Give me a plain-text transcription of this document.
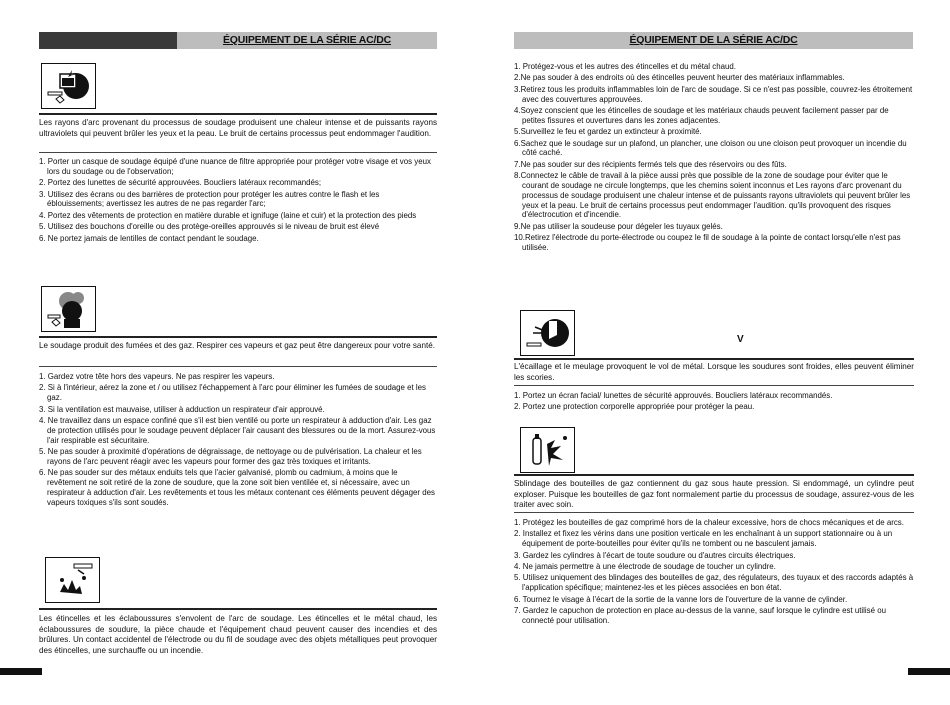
ÉQUIPEMENT DE LA SÉRIE AC/DC
Les rayons d'arc provenant du processus de soudage produisent une chaleur intense et de puissants rayons ultraviolets qui peuvent brûler les yeux et la peau. Le bruit de certains processus peut endommager l'audition.
1. Porter un casque de soudage équipé d'une nuance de filtre appropriée pour protéger votre visage et vos yeux lors du soudage ou de l'observation;
2. Portez des lunettes de sécurité approuvées. Boucliers latéraux recommandés;
3. Utilisez des écrans ou des barrières de protection pour protéger les autres contre le flash et les éblouissements; avertissez les autres de ne pas regarder l'arc;
4. Portez des vêtements de protection en matière durable et ignifuge (laine et cuir) et la protection des pieds
5. Utilisez des bouchons d'oreille ou des protège-oreilles approuvés si le niveau de bruit est élevé
6. Ne portez jamais de lentilles de contact pendant le soudage.
Le soudage produit des fumées et des gaz. Respirer ces vapeurs et gaz peut être dangereux pour votre santé.
1. Gardez votre tête hors des vapeurs. Ne pas respirer les vapeurs.
2. Si à l'intérieur, aérez la zone et / ou utilisez l'échappement à l'arc pour éliminer les fumées de soudage et les gaz.
3. Si la ventilation est mauvaise, utiliser à adduction un respirateur d'air approuvé.
4. Ne travaillez dans un espace confiné que s'il est bien ventilé ou porte un respirateur à adduction d'air. Les gaz de protection utilisés pour le soudage peuvent déplacer l'air causant des blessures ou de la mort. Assurez-vous l'air respirable est sécuritaire.
5. Ne pas souder à proximité d'opérations de dégraissage, de nettoyage ou de pulvérisation. La chaleur et les rayons de l'arc peuvent réagir avec les vapeurs pour former des gaz très toxiques et irritants.
6. Ne pas souder sur des métaux enduits tels que l'acier galvanisé, plomb ou cadmium, à moins que le revêtement ne soit retiré de la zone de soudure, que la zone soit bien ventilée et, si nécessaire, avec un respirateur à adduction d'air. Les revêtements et tous les métaux contenant ces éléments peuvent dégager des vapeurs toxiques s'ils sont soudés.
Les étincelles et les éclaboussures s'envolent de l'arc de soudage. Les étincelles et le métal chaud, les éclaboussures de soudure, la pièce chaude et l'équipement chaud peuvent causer des incendies et des brûlures. Un contact accidentel de l'électrode ou du fil de soudage avec des objets métalliques peut provoquer des étincelles, une surchauffe ou un incendie.
ÉQUIPEMENT DE LA SÉRIE AC/DC
1. Protégez-vous et les autres des étincelles et du métal chaud.
2.Ne pas souder à des endroits où des étincelles peuvent heurter des matériaux inflammables.
3.Retirez tous les produits inflammables loin de l'arc de soudage. Si ce n'est pas possible, couvrez-les étroitement avec des couvertures approuvées.
4.Soyez conscient que les étincelles de soudage et les matériaux chauds peuvent facilement passer par de petites fissures et ouvertures dans les zones adjacentes.
5.Surveillez le feu et gardez un extincteur à proximité.
6.Sachez que le soudage sur un plafond, un plancher, une cloison ou une cloison peut provoquer un incendie du côté caché.
7.Ne pas souder sur des récipients fermés tels que des réservoirs ou des fûts.
8.Connectez le câble de travail à la pièce aussi près que possible de la zone de soudage pour éviter que le courant de soudage ne circule longtemps, que les chemins soient inconnus et Les rayons d'arc provenant du processus de soudage produisent une chaleur intense et de puissants rayons ultraviolets qui peuvent brûler les yeux et la peau. Le bruit de certains processus peut endommager l'audition. qu'ils provoquent des risques d'électrocution et d'incendie.
9.Ne pas utiliser la soudeuse pour dégeler les tuyaux gelés.
10.Retirez l'électrode du porte-électrode ou coupez le fil de soudage à la pointe de contact lorsqu'elle n'est pas utilisée.
V
L'écaillage et le meulage provoquent le vol de métal. Lorsque les soudures sont froides, elles peuvent éliminer les scories.
1. Portez un écran facial/ lunettes de sécurité approuvés. Boucliers latéraux recommandés.
2. Portez une protection corporelle appropriée pour protéger la peau.
Sblindage des bouteilles de gaz contiennent du gaz sous haute pression. Si endommagé, un cylindre peut exploser. Puisque les bouteilles de gaz font normalement partie du processus de soudage, assurez-vous de les traiter avec soin.
1. Protégez les bouteilles de gaz comprimé hors de la chaleur excessive, hors de chocs mécaniques et de arcs.
2. Installez et fixez les vérins dans une position verticale en les enchaînant à un support stationnaire ou à un équipement de porte-bouteilles pour éviter qu'ils ne tombent ou ne basculent jamais.
3. Gardez les cylindres à l'écart de toute soudure ou d'autres circuits électriques.
4. Ne jamais permettre à une électrode de soudage de toucher un cylindre.
5. Utilisez uniquement des blindages des bouteilles de gaz, des régulateurs, des tuyaux et des raccords adaptés à l'application spécifique; maintenez-les et les pièces associées en bon état.
6. Tournez le visage à l'écart de la sortie de la vanne lors de l'ouverture de la vanne de cylinder.
7. Gardez le capuchon de protection en place au-dessus de la vanne, sauf lorsque le cylindre est utilisé ou connecté pour utilisation.
